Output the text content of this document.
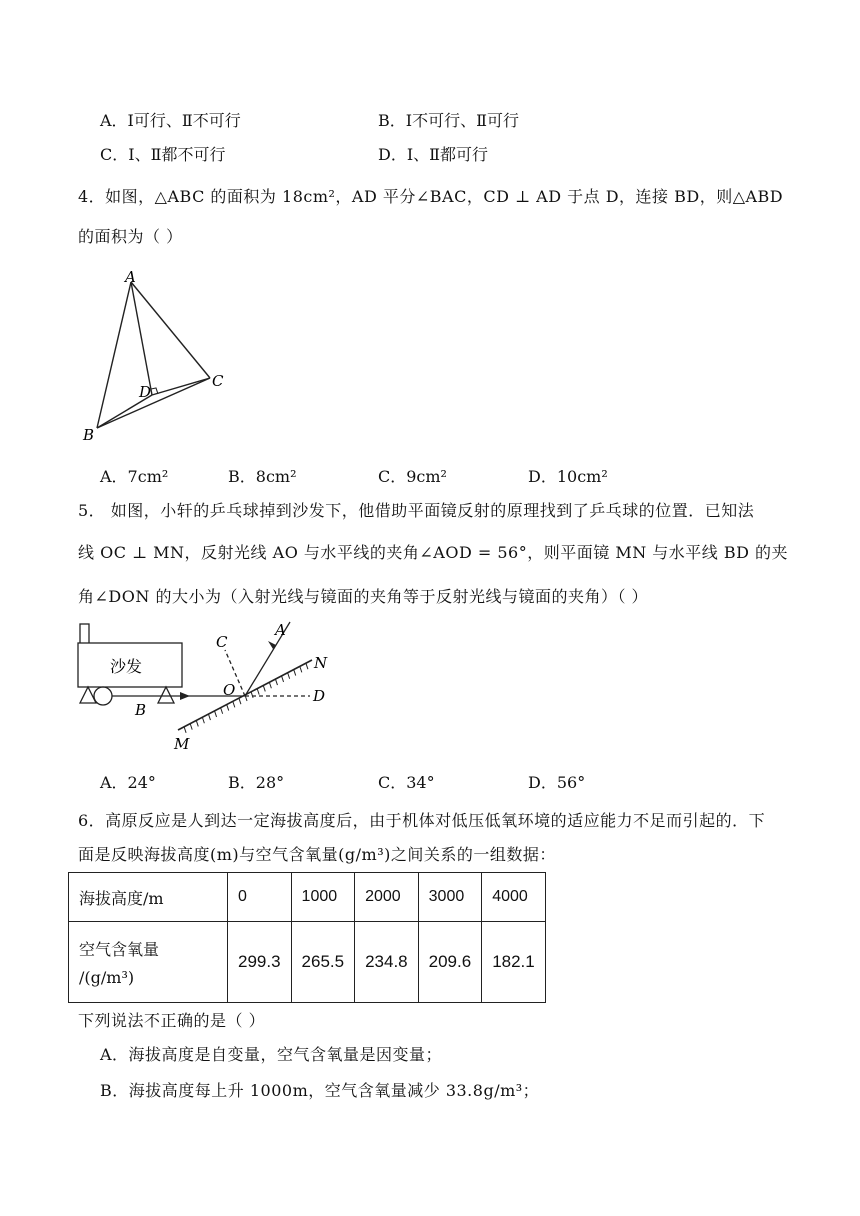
A．Ⅰ可行、Ⅱ不可行	B．Ⅰ不可行、Ⅱ可行
C．Ⅰ、Ⅱ都不可行	D．Ⅰ、Ⅱ都可行
4．如图，△ABC 的面积为 18cm²，AD 平分∠BAC，CD ⊥ AD 于点 D，连接 BD，则△ABD
的面积为（ ）
A
B
C
D
A．7cm²	B．8cm²	C．9cm²	D．10cm²
5． 如图，小轩的乒乓球掉到沙发下，他借助平面镜反射的原理找到了乒乓球的位置．已知法
线 OC ⊥ MN，反射光线 AO 与水平线的夹角∠AOD = 56°，则平面镜 MN 与水平线 BD 的夹
角∠DON 的大小为（入射光线与镜面的夹角等于反射光线与镜面的夹角）（ ）
沙发
A
B
C
D
M
N
O
A．24°	B．28°	C．34°	D．56°
6．高原反应是人到达一定海拔高度后，由于机体对低压低氧环境的适应能力不足而引起的．下
面是反映海拔高度(m)与空气含氧量(g/m³)之间关系的一组数据：
海拔高度/m	0	1000	2000	3000	4000

空气含氧量
/(g/m³)	299.3	265.5	234.8	209.6	182.1
下列说法不正确的是（ ）
A．海拔高度是自变量，空气含氧量是因变量；
B．海拔高度每上升 1000m，空气含氧量减少 33.8g/m³；
